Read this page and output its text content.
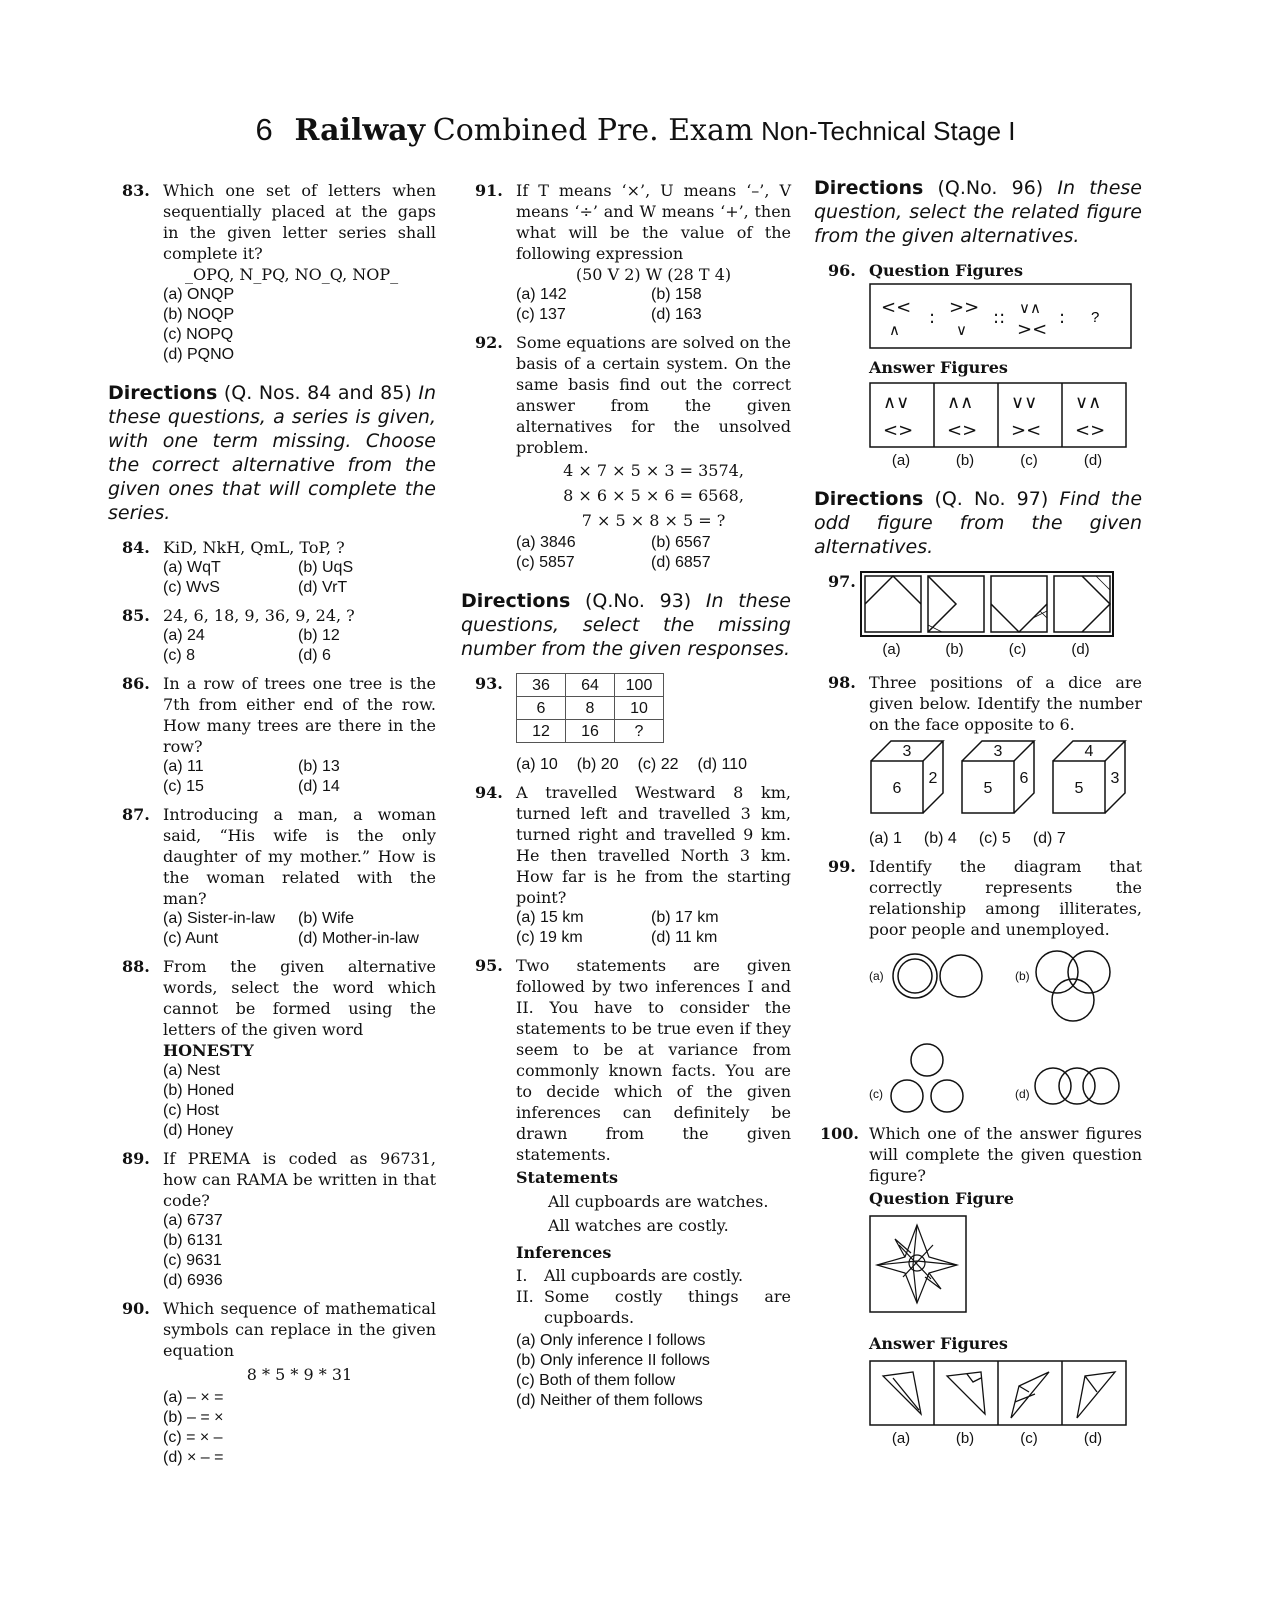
6 Railway Combined Pre. Exam Non-Technical Stage I
83. Which one set of letters when sequentially placed at the gaps in the given letter series shall complete it?
_OPQ, N_PQ, NO_Q, NOP_
(a) ONQP
(b) NOQP
(c) NOPQ
(d) PQNO
Directions (Q. Nos. 84 and 85) In these questions, a series is given, with one term missing. Choose the correct alternative from the given ones that will complete the series.
84. KiD, NkH, QmL, ToP, ?
(a) WqT	(b) UqS
(c) WvS	(d) VrT
85. 24, 6, 18, 9, 36, 9, 24, ?
(a) 24	(b) 12
(c) 8	(d) 6
86. In a row of trees one tree is the 7th from either end of the row. How many trees are there in the row?
(a) 11	(b) 13
(c) 15	(d) 14
87. Introducing a man, a woman said, “His wife is the only daughter of my mother.” How is the woman related with the man?
(a) Sister-in-law	(b) Wife
(c) Aunt	(d) Mother-in-law
88. From the given alternative words, select the word which cannot be formed using the letters of the given word
HONESTY
(a) Nest
(b) Honed
(c) Host
(d) Honey
89. If PREMA is coded as 96731, how can RAMA be written in that code?
(a) 6737
(b) 6131
(c) 9631
(d) 6936
90. Which sequence of mathematical symbols can replace in the given equation
8 * 5 * 9 * 31
(a) – × =
(b) – = ×
(c) = × –
(d) × – =
91. If T means ‘×’, U means ‘–’, V means ‘÷’ and W means ‘+’, then what will be the value of the following expression
(50 V 2) W (28 T 4)
(a) 142	(b) 158
(c) 137	(d) 163
92. Some equations are solved on the basis of a certain system. On the same basis find out the correct answer from the given alternatives for the unsolved problem.
4 × 7 × 5 × 3 = 3574,
8 × 6 × 5 × 6 = 6568,
7 × 5 × 8 × 5 = ?
(a) 3846	(b) 6567
(c) 5857	(d) 6857
Directions (Q.No. 93) In these questions, select the missing number from the given responses.
93. 36	64	100
6	8	10
12	16	?
(a) 10 (b) 20 (c) 22 (d) 110
94. A travelled Westward 8 km, turned left and travelled 3 km, turned right and travelled 9 km. He then travelled North 3 km. How far is he from the starting point?
(a) 15 km	(b) 17 km
(c) 19 km	(d) 11 km
95. Two statements are given followed by two inferences I and II. You have to consider the statements to be true even if they seem to be at variance from commonly known facts. You are to decide which of the given inferences can definitely be drawn from the given statements.
Statements
All cupboards are watches.
All watches are costly.
Inferences
I.	All cupboards are costly.
II. Some costly things are cupboards.
(a) Only inference I follows
(b) Only inference II follows
(c) Both of them follow
(d) Neither of them follows
Directions (Q.No. 96) In these question, select the related figure from the given alternatives.
96. Question Figures
<<
∧
: >>
∨
:: ∨∧
><
: ?
Answer Figures
∧∨
<>
∧∧
<>
∨∨
><
∨∧
<>
(a)	(b)	(c)	(d)
Directions (Q. No. 97) Find the odd figure from the given alternatives.
97.
(a)	(b)	(c)	(d)
98. Three positions of a dice are given below. Identify the number on the face opposite to 6.
3
6
2
3
5
6
4
5
3
(a) 1 (b) 4 (c) 5 (d) 7
99. Identify the diagram that correctly represents the relationship among illiterates, poor people and unemployed.
(a)	(b)
(c)	(d)
100. Which one of the answer figures will complete the given question figure?
Question Figure
Answer Figures
(a)	(b)	(c)	(d)
